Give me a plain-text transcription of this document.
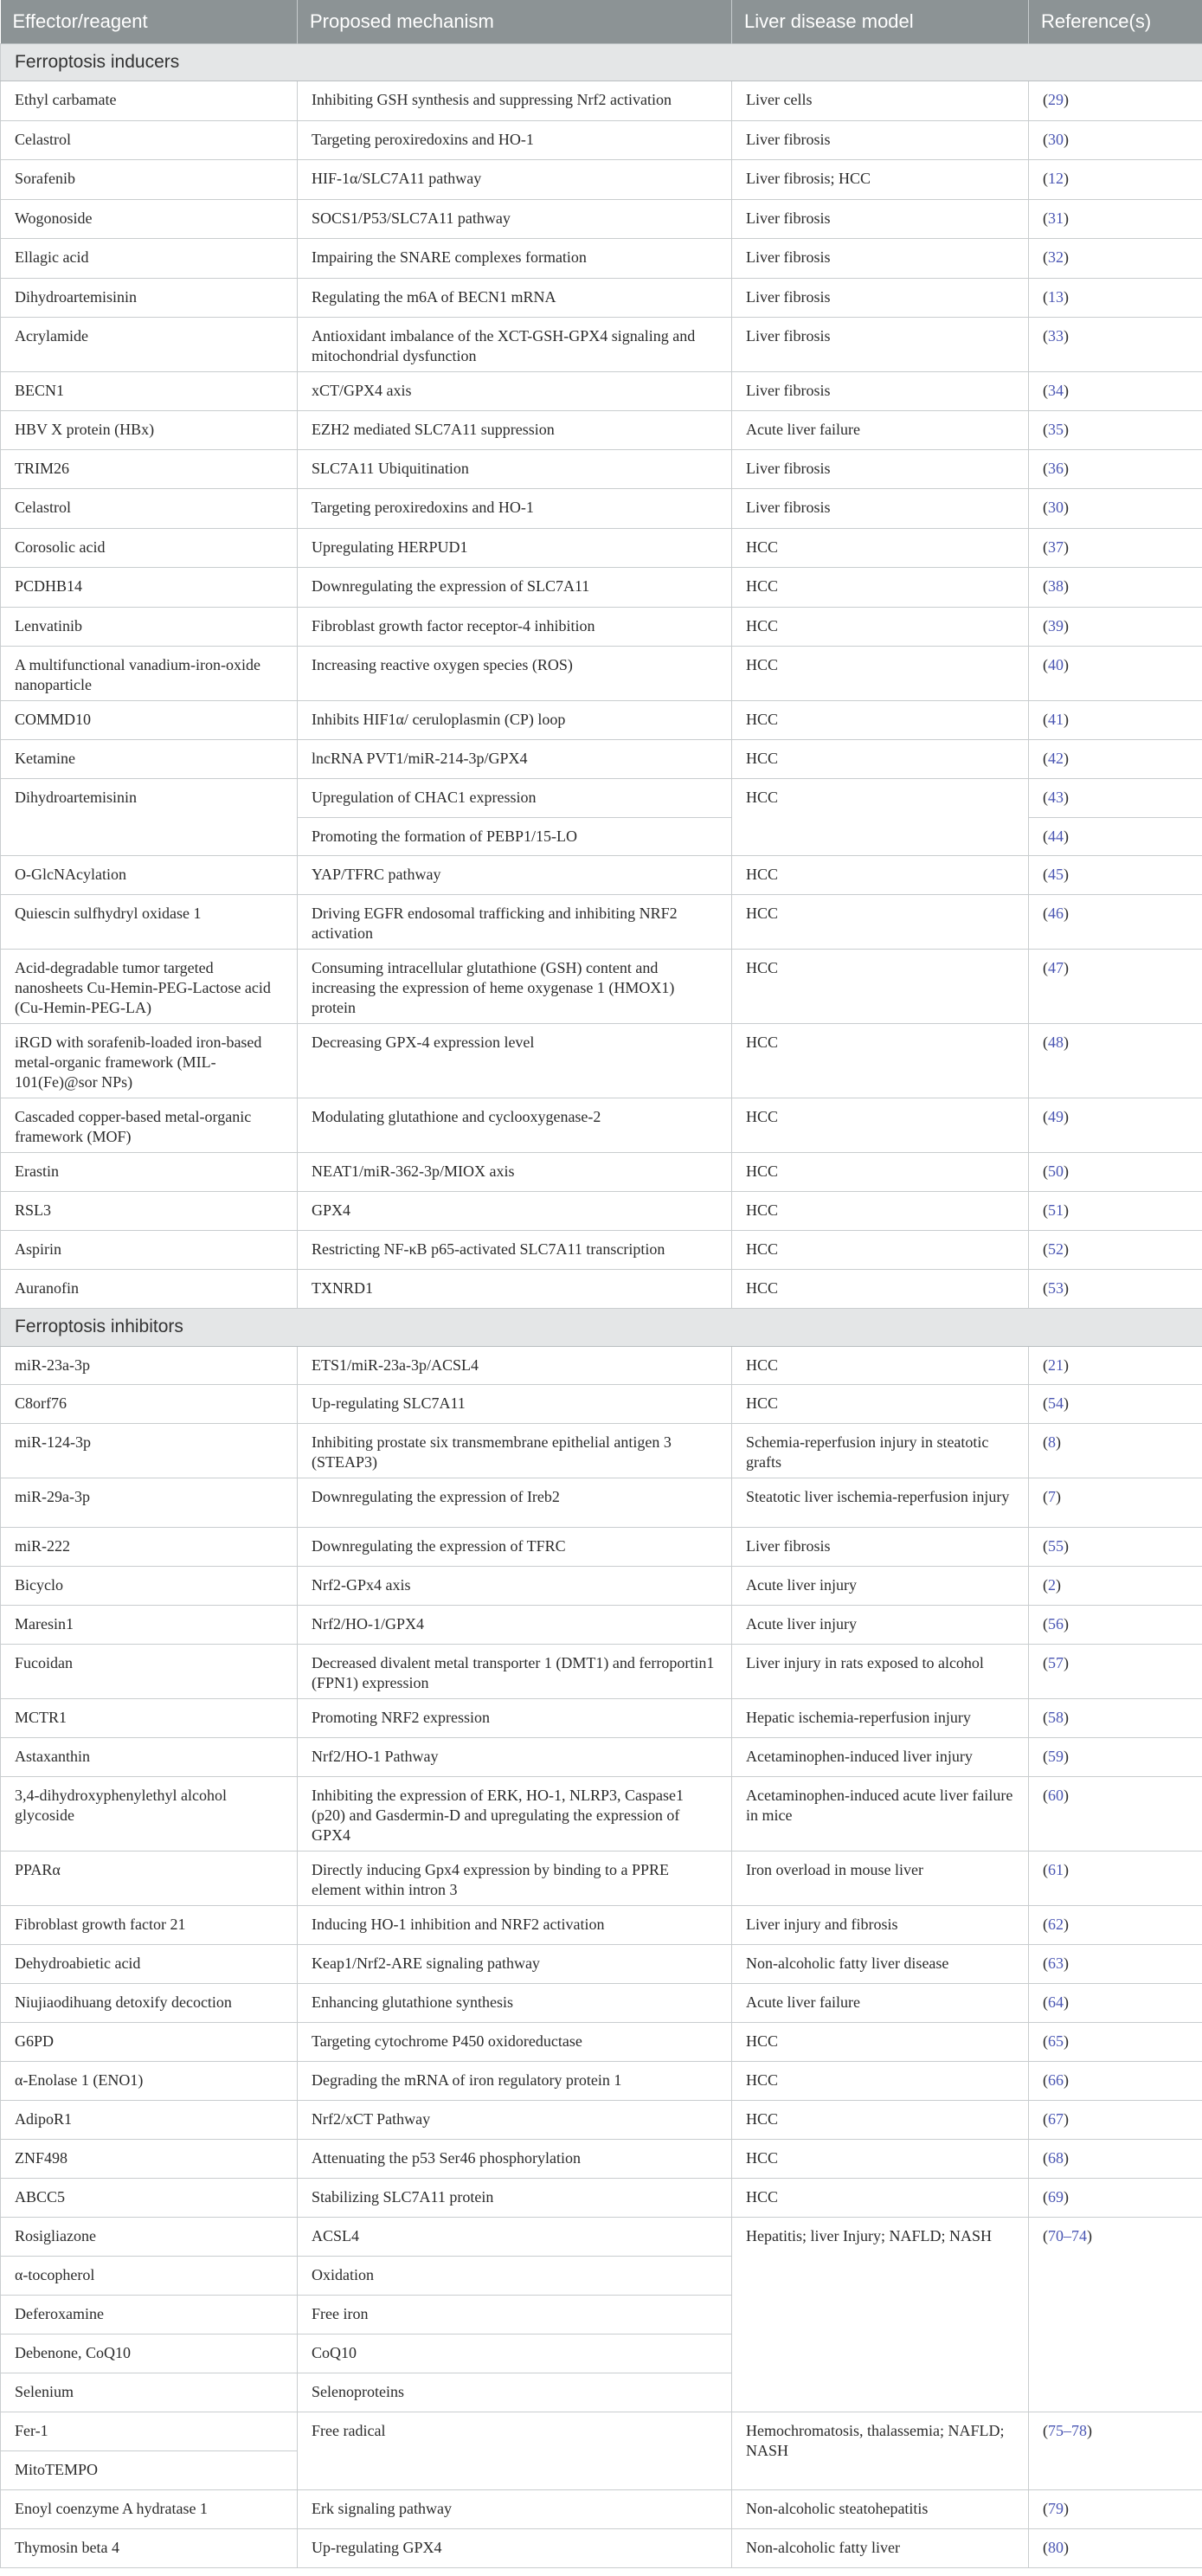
Effector/reagent	Proposed mechanism	Liver disease model	Reference(s)
Ferroptosis inducers			
Ethyl carbamate	Inhibiting GSH synthesis and suppressing Nrf2 activation	Liver cells	(29)
Celastrol	Targeting peroxiredoxins and HO-1	Liver fibrosis	(30)
Sorafenib	HIF-1α/SLC7A11 pathway	Liver fibrosis; HCC	(12)
Wogonoside	SOCS1/P53/SLC7A11 pathway	Liver fibrosis	(31)
Ellagic acid	Impairing the SNARE complexes formation	Liver fibrosis	(32)
Dihydroartemisinin	Regulating the m6A of BECN1 mRNA	Liver fibrosis	(13)
Acrylamide	Antioxidant imbalance of the XCT-GSH-GPX4 signaling and mitochondrial dysfunction	Liver fibrosis	(33)
BECN1	xCT/GPX4 axis	Liver fibrosis	(34)
HBV X protein (HBx)	EZH2 mediated SLC7A11 suppression	Acute liver failure	(35)
TRIM26	SLC7A11 Ubiquitination	Liver fibrosis	(36)
Celastrol	Targeting peroxiredoxins and HO-1	Liver fibrosis	(30)
Corosolic acid	Upregulating HERPUD1	HCC	(37)
PCDHB14	Downregulating the expression of SLC7A11	HCC	(38)
Lenvatinib	Fibroblast growth factor receptor-4 inhibition	HCC	(39)
A multifunctional vanadium-iron-oxide nanoparticle	Increasing reactive oxygen species (ROS)	HCC	(40)
COMMD10	Inhibits HIF1α/ ceruloplasmin (CP) loop	HCC	(41)
Ketamine	lncRNA PVT1/miR-214-3p/GPX4	HCC	(42)
Dihydroartemisinin	Upregulation of CHAC1 expression	HCC	(43)
	Promoting the formation of PEBP1/15-LO		(44)
O-GlcNAcylation	YAP/TFRC pathway	HCC	(45)
Quiescin sulfhydryl oxidase 1	Driving EGFR endosomal trafficking and inhibiting NRF2 activation	HCC	(46)
Acid-degradable tumor targeted nanosheets Cu-Hemin-PEG-Lactose acid (Cu-Hemin-PEG-LA)	Consuming intracellular glutathione (GSH) content and increasing the expression of heme oxygenase 1 (HMOX1) protein	HCC	(47)
iRGD with sorafenib-loaded iron-based metal-organic framework (MIL-101(Fe)@sor NPs)	Decreasing GPX-4 expression level	HCC	(48)
Cascaded copper-based metal-organic framework (MOF)	Modulating glutathione and cyclooxygenase-2	HCC	(49)
Erastin	NEAT1/miR-362-3p/MIOX axis	HCC	(50)
RSL3	GPX4	HCC	(51)
Aspirin	Restricting NF-κB p65-activated SLC7A11 transcription	HCC	(52)
Auranofin	TXNRD1	HCC	(53)
Ferroptosis inhibitors			
miR-23a-3p	ETS1/miR-23a-3p/ACSL4	HCC	(21)
C8orf76	Up-regulating SLC7A11	HCC	(54)
miR-124-3p	Inhibiting prostate six transmembrane epithelial antigen 3 (STEAP3)	Schemia-reperfusion injury in steatotic grafts	(8)
miR-29a-3p	Downregulating the expression of Ireb2	Steatotic liver ischemia-reperfusion injury	(7)
miR-222	Downregulating the expression of TFRC	Liver fibrosis	(55)
Bicyclo	Nrf2-GPx4 axis	Acute liver injury	(2)
Maresin1	Nrf2/HO-1/GPX4	Acute liver injury	(56)
Fucoidan	Decreased divalent metal transporter 1 (DMT1) and ferroportin1 (FPN1) expression	Liver injury in rats exposed to alcohol	(57)
MCTR1	Promoting NRF2 expression	Hepatic ischemia-reperfusion injury	(58)
Astaxanthin	Nrf2/HO-1 Pathway	Acetaminophen-induced liver injury	(59)
3,4-dihydroxyphenylethyl alcohol glycoside	Inhibiting the expression of ERK, HO-1, NLRP3, Caspase1 (p20) and Gasdermin-D and upregulating the expression of GPX4	Acetaminophen-induced acute liver failure in mice	(60)
PPARα	Directly inducing Gpx4 expression by binding to a PPRE element within intron 3	Iron overload in mouse liver	(61)
Fibroblast growth factor 21	Inducing HO-1 inhibition and NRF2 activation	Liver injury and fibrosis	(62)
Dehydroabietic acid	Keap1/Nrf2-ARE signaling pathway	Non-alcoholic fatty liver disease	(63)
Niujiaodihuang detoxify decoction	Enhancing glutathione synthesis	Acute liver failure	(64)
G6PD	Targeting cytochrome P450 oxidoreductase	HCC	(65)
α-Enolase 1 (ENO1)	Degrading the mRNA of iron regulatory protein 1	HCC	(66)
AdipoR1	Nrf2/xCT Pathway	HCC	(67)
ZNF498	Attenuating the p53 Ser46 phosphorylation	HCC	(68)
ABCC5	Stabilizing SLC7A11 protein	HCC	(69)
Rosigliazone	ACSL4	Hepatitis; liver Injury; NAFLD; NASH	(70–74)
α-tocopherol	Oxidation		
Deferoxamine	Free iron		
Debenone, CoQ10	CoQ10		
Selenium	Selenoproteins		
Fer-1	Free radical	Hemochromatosis, thalassemia; NAFLD; NASH	(75–78)
MitoTEMPO			
Enoyl coenzyme A hydratase 1	Erk signaling pathway	Non-alcoholic steatohepatitis	(79)
Thymosin beta 4	Up-regulating GPX4	Non-alcoholic fatty liver	(80)
